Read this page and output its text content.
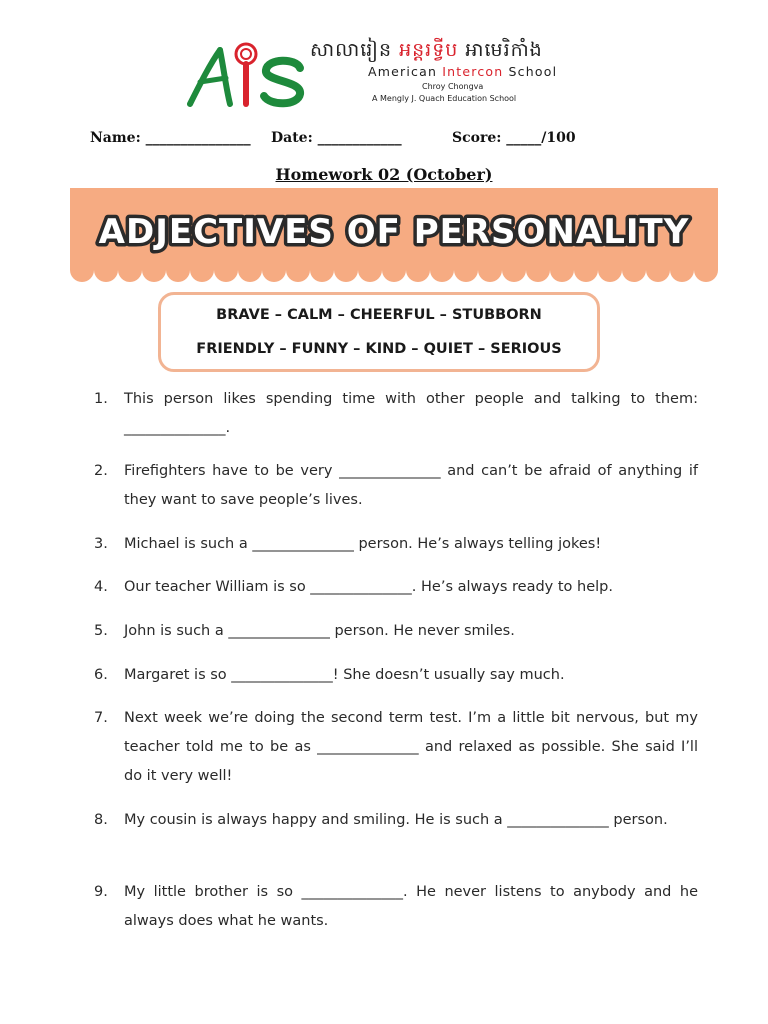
សាលារៀន អន្តរទ្វីប អាមេរិកាំង
American Intercon School
Chroy Chongva
A Mengly J. Quach Education School
Name: _______________ Date: ____________	Score: _____/100
Homework 02 (October)
ADJECTIVES OF PERSONALITY
BRAVE – CALM – CHEERFUL – STUBBORN
FRIENDLY – FUNNY – KIND – QUIET – SERIOUS
1. This person likes spending time with other people and talking to them: ______________.
2. Firefighters have to be very ______________ and can’t be afraid of anything if they want to save people’s lives.
3. Michael is such a ______________ person. He’s always telling jokes!
4. Our teacher William is so ______________. He’s always ready to help.
5. John is such a ______________ person. He never smiles.
6. Margaret is so ______________! She doesn’t usually say much.
7. Next week we’re doing the second term test. I’m a little bit nervous, but my teacher told me to be as ______________ and relaxed as possible. She said I’ll do it very well!
8. My cousin is always happy and smiling. He is such a ______________ person.
9. My little brother is so ______________. He never listens to anybody and he always does what he wants.
